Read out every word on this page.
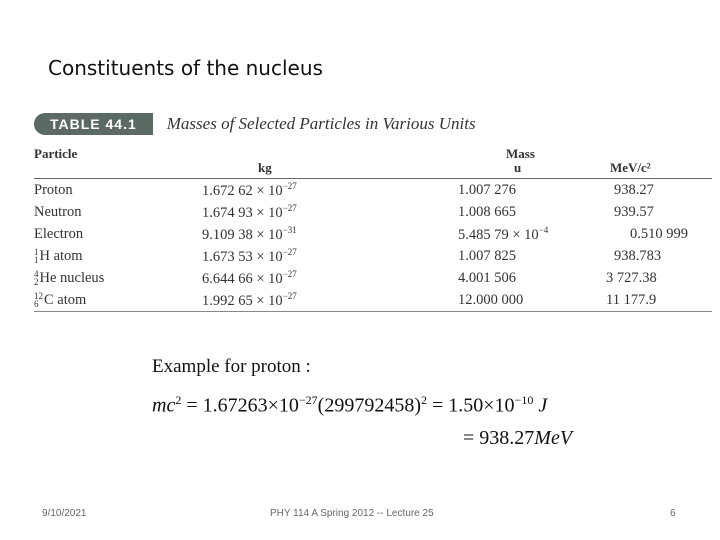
Constituents of the nucleus
TABLE 44.1	Masses of Selected Particles in Various Units
Particle		Mass	
	kg	u	MeV/c²
Proton	1.672 $62 \times 10^{-27}$	1.007 276	938.27
Neutron	1.674 $93 \times 10^{-27}$	1.008 665	939.57
Electron	9.109 $38 \times 10^{-31}$	5.485 $79 \times 10^{-4}$	0.510 999

1
1 H atom	1.673 $53 \times 10^{-27}$	1.007 825	938.783

4
2 He nucleus	6.644 $66 \times 10^{-27}$	4.001 506	3 727.38

12
6 C atom	1.992 $65 \times 10^{-27}$	12.000 000	11 177.9
Example for proton :
$mc^2 = 1.67263\times 10^{-27}(299792458)^2 = 1.50\times 10^{-10}$ J
= 938.27MeV
9/10/2021	PHY 114 A Spring 2012 -- Lecture 25	6
